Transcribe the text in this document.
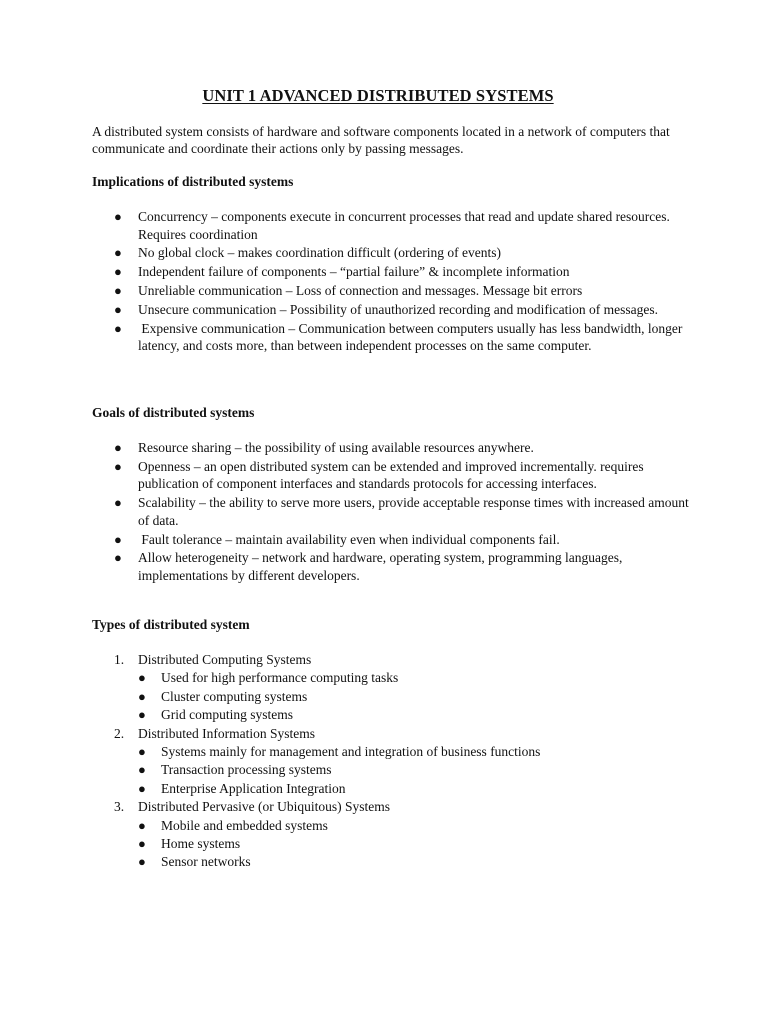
UNIT 1 ADVANCED DISTRIBUTED SYSTEMS
A distributed system consists of hardware and software components located in a network of computers that communicate and coordinate their actions only by passing messages.
Implications of distributed systems
● Concurrency – components execute in concurrent processes that read and update shared resources. Requires coordination
● No global clock – makes coordination difficult (ordering of events)
● Independent failure of components – “partial failure” & incomplete information
● Unreliable communication – Loss of connection and messages. Message bit errors
● Unsecure communication – Possibility of unauthorized recording and modification of messages.
● Expensive communication – Communication between computers usually has less bandwidth, longer latency, and costs more, than between independent processes on the same computer.
Goals of distributed systems
● Resource sharing – the possibility of using available resources anywhere.
● Openness – an open distributed system can be extended and improved incrementally. requires publication of component interfaces and standards protocols for accessing interfaces.
● Scalability – the ability to serve more users, provide acceptable response times with increased amount of data.
● Fault tolerance – maintain availability even when individual components fail.
● Allow heterogeneity – network and hardware, operating system, programming languages, implementations by different developers.
Types of distributed system
1. Distributed Computing Systems
● Used for high performance computing tasks
● Cluster computing systems
● Grid computing systems
2. Distributed Information Systems
● Systems mainly for management and integration of business functions
● Transaction processing systems
● Enterprise Application Integration
3. Distributed Pervasive (or Ubiquitous) Systems
● Mobile and embedded systems
● Home systems
● Sensor networks
